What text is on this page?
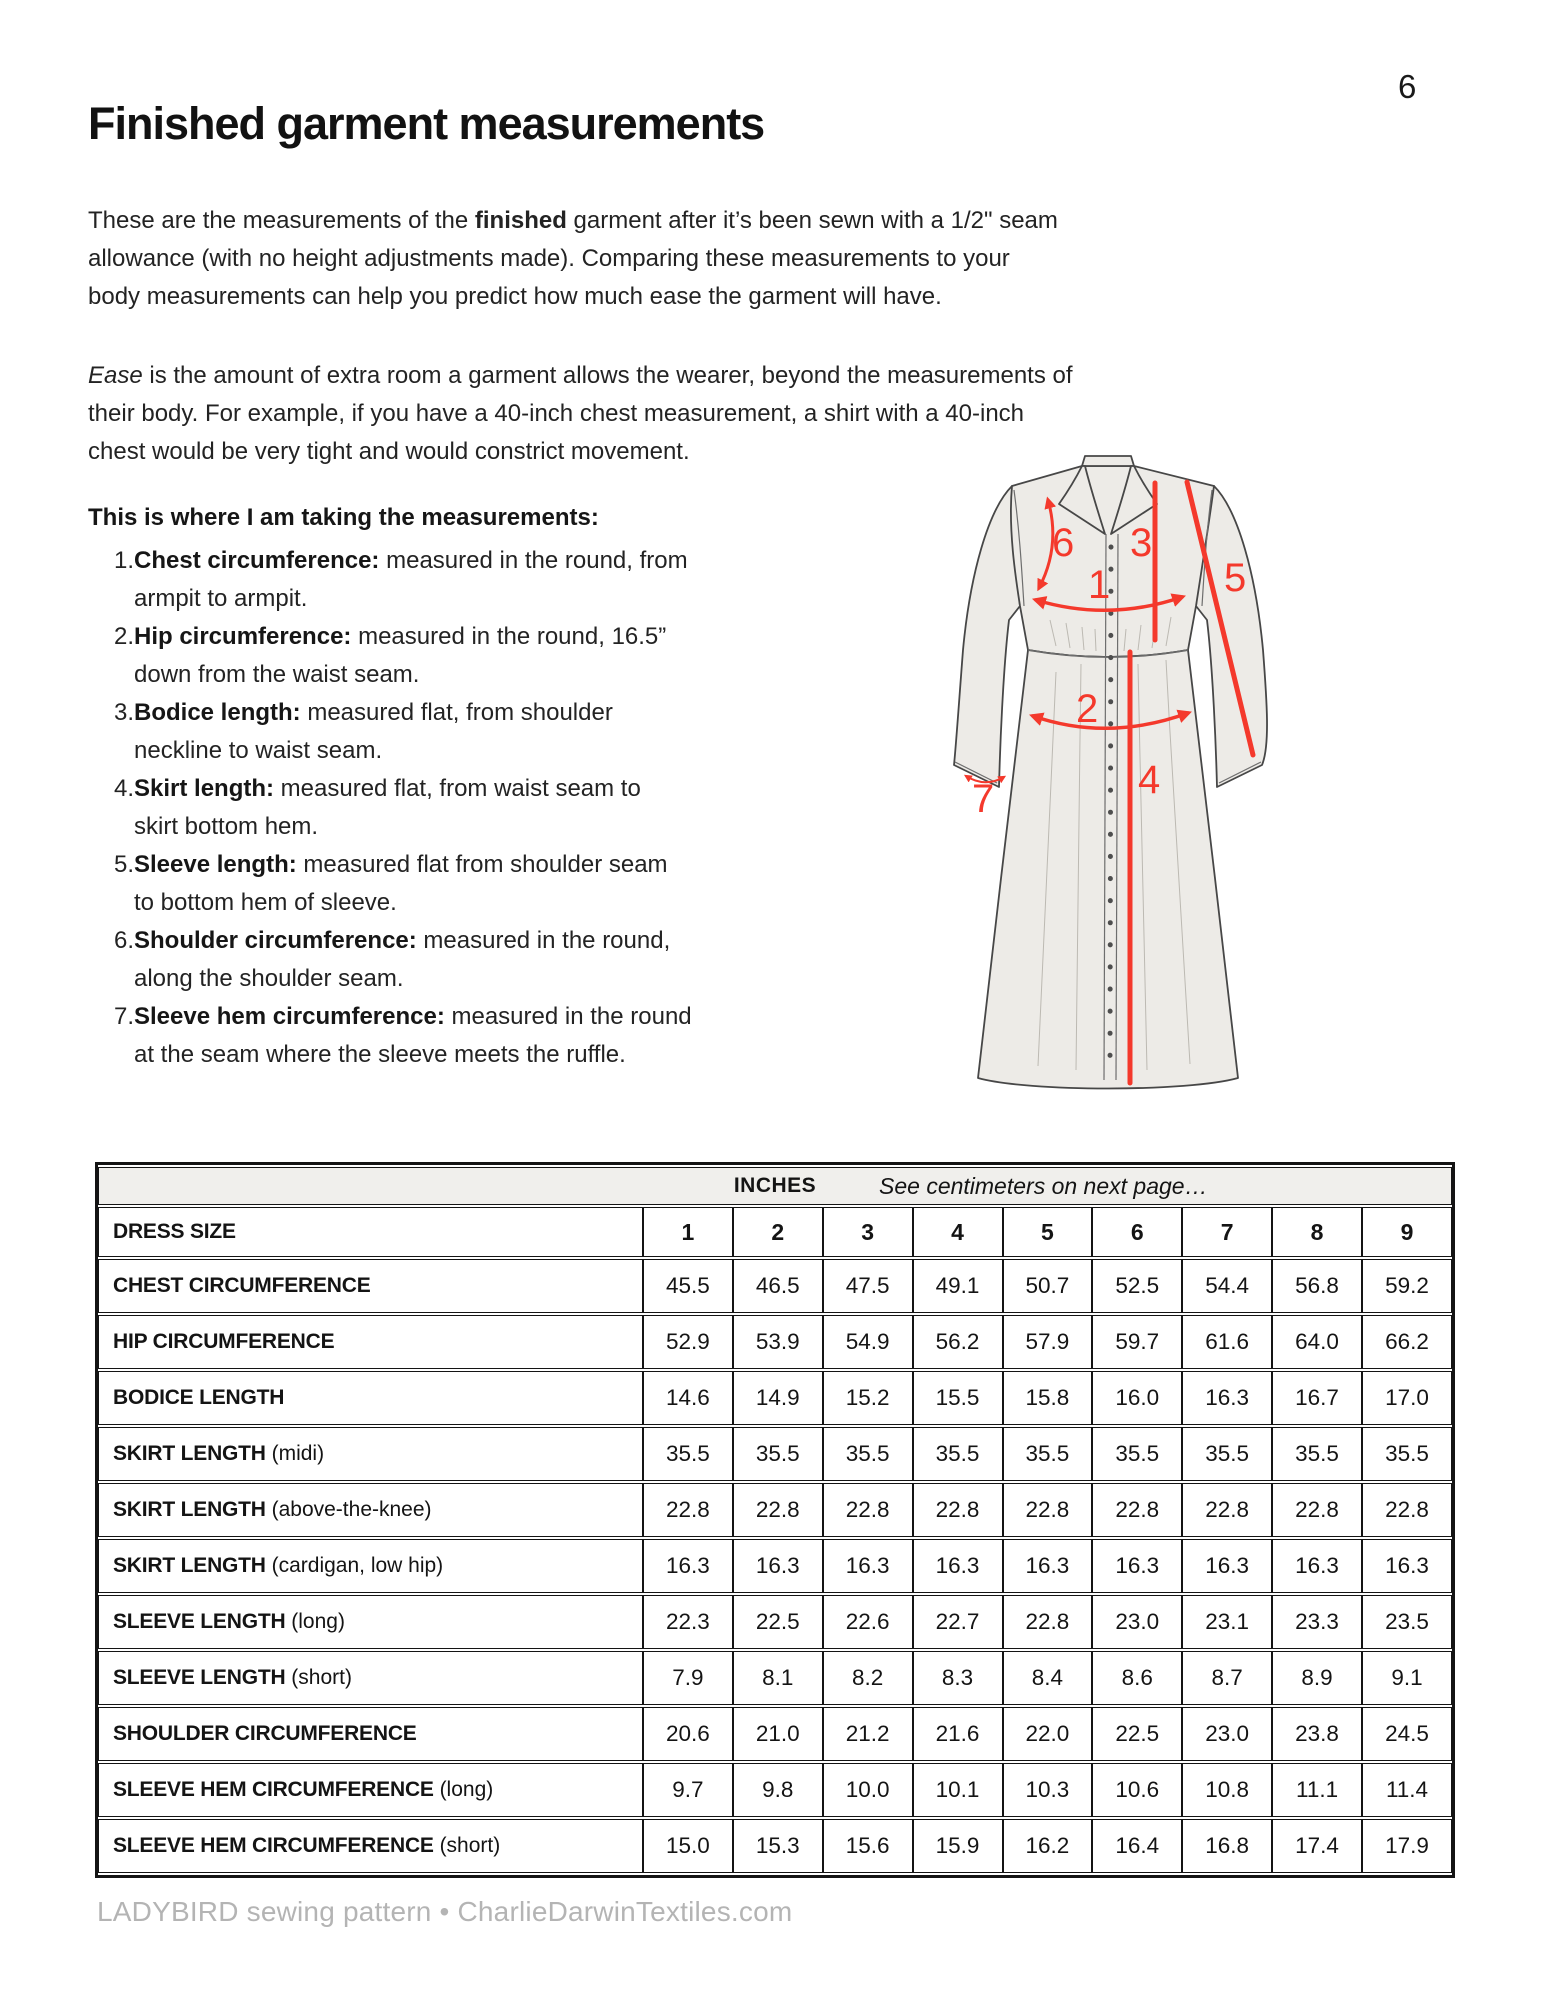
6
Finished garment measurements
These are the measurements of the finished garment after it’s been sewn with a 1/2" seam
allowance (with no height adjustments made). Comparing these measurements to your
body measurements can help you predict how much ease the garment will have.
Ease is the amount of extra room a garment allows the wearer, beyond the measurements of
their body. For example, if you have a 40-inch chest measurement, a shirt with a 40-inch
chest would be very tight and would constrict movement.
This is where I am taking the measurements:
1. Chest circumference: measured in the round, from
armpit to armpit.
2. Hip circumference: measured in the round, 16.5”
down from the waist seam.
3. Bodice length: measured flat, from shoulder
neckline to waist seam.
4. Skirt length: measured flat, from waist seam to
skirt bottom hem.
5. Sleeve length: measured flat from shoulder seam
to bottom hem of sleeve.
6. Shoulder circumference: measured in the round,
along the shoulder seam.
7. Sleeve hem circumference: measured in the round
at the seam where the sleeve meets the ruffle.
1
2
3
4
5
6
7
INCHES See centimeters on next page…									

DRESS SIZE	1	2	3	4	5	6	7	8	9
CHEST CIRCUMFERENCE	45.5	46.5	47.5	49.1	50.7	52.5	54.4	56.8	59.2
HIP CIRCUMFERENCE	52.9	53.9	54.9	56.2	57.9	59.7	61.6	64.0	66.2
BODICE LENGTH	14.6	14.9	15.2	15.5	15.8	16.0	16.3	16.7	17.0
SKIRT LENGTH (midi)	35.5	35.5	35.5	35.5	35.5	35.5	35.5	35.5	35.5
SKIRT LENGTH (above-the-knee)	22.8	22.8	22.8	22.8	22.8	22.8	22.8	22.8	22.8
SKIRT LENGTH (cardigan, low hip)	16.3	16.3	16.3	16.3	16.3	16.3	16.3	16.3	16.3
SLEEVE LENGTH (long)	22.3	22.5	22.6	22.7	22.8	23.0	23.1	23.3	23.5
SLEEVE LENGTH (short)	7.9	8.1	8.2	8.3	8.4	8.6	8.7	8.9	9.1
SHOULDER CIRCUMFERENCE	20.6	21.0	21.2	21.6	22.0	22.5	23.0	23.8	24.5
SLEEVE HEM CIRCUMFERENCE (long)	9.7	9.8	10.0	10.1	10.3	10.6	10.8	11.1	11.4
SLEEVE HEM CIRCUMFERENCE (short)	15.0	15.3	15.6	15.9	16.2	16.4	16.8	17.4	17.9
LADYBIRD sewing pattern • CharlieDarwinTextiles.com
